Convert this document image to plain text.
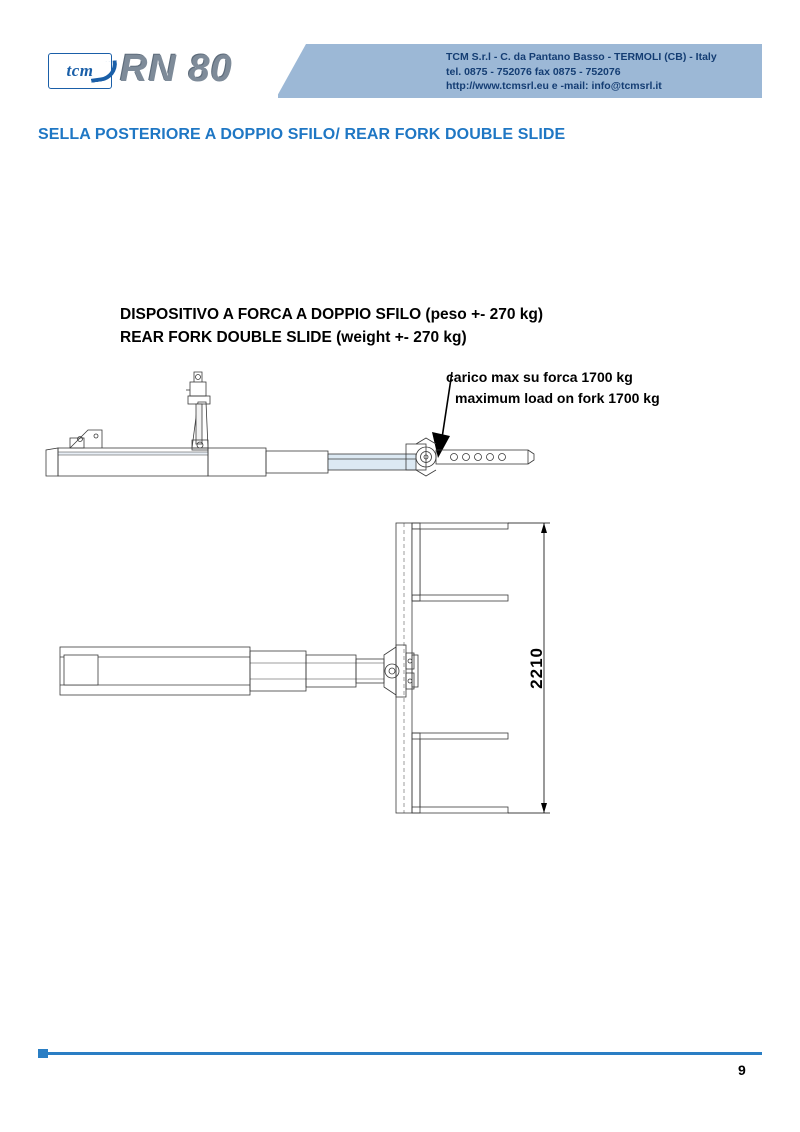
tcm RN 80	TCM S.r.l - C. da Pantano Basso - TERMOLI (CB) - Italy
tel. 0875 - 752076 fax 0875 - 752076
http://www.tcmsrl.eu e -mail: info@tcmsrl.it
SELLA POSTERIORE A DOPPIO SFILO/ REAR FORK DOUBLE SLIDE
DISPOSITIVO A FORCA A DOPPIO SFILO (peso +- 270 kg)
REAR FORK DOUBLE SLIDE (weight +- 270 kg)
carico max su forca 1700 kg
maximum load on fork 1700 kg
2210
9
